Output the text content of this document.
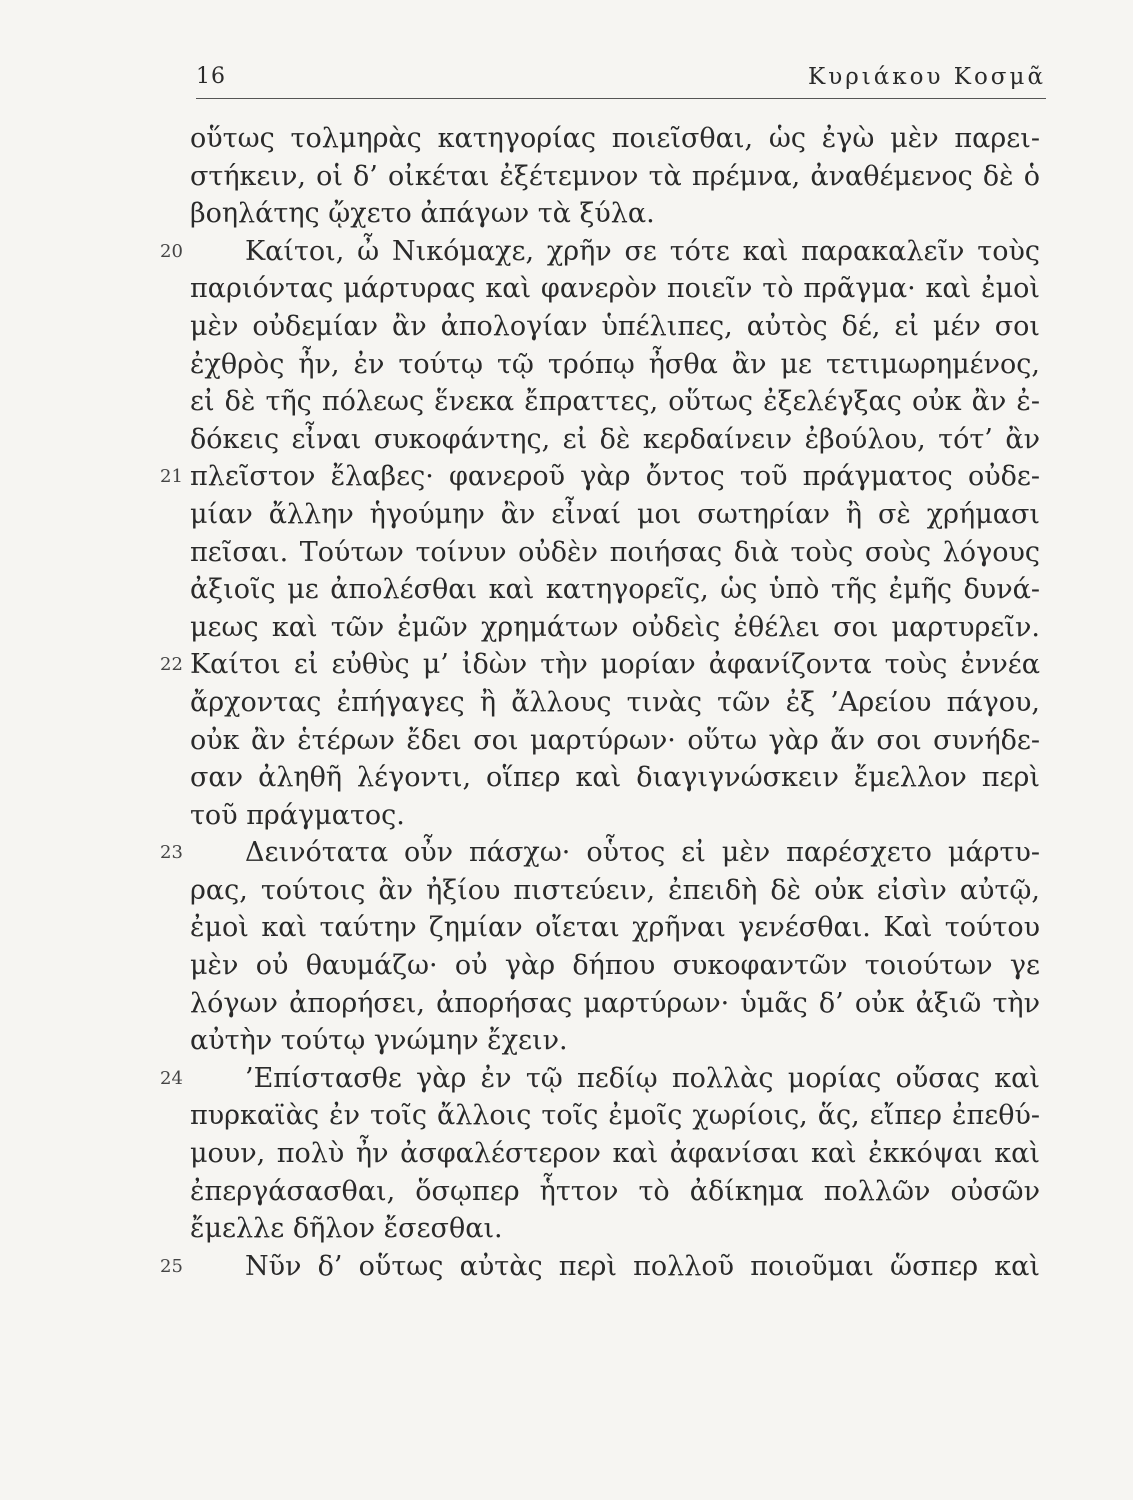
16	Κυριάκου Κοσμᾶ
οὕτως τολμηρὰς κατηγορίας ποιεῖσθαι, ὡς ἐγὼ μὲν παρει-
στήκειν, οἱ δ’ οἰκέται ἐξέτεμνον τὰ πρέμνα, ἀναθέμενος δὲ ὁ
βοηλάτης ᾤχετο ἀπάγων τὰ ξύλα.
20	Καίτοι, ὦ Νικόμαχε, χρῆν σε τότε καὶ παρακαλεῖν τοὺς
παριόντας μάρτυρας καὶ φανερὸν ποιεῖν τὸ πρᾶγμα· καὶ ἐμοὶ
μὲν οὐδεμίαν ἂν ἀπολογίαν ὑπέλιπες, αὐτὸς δέ, εἰ μέν σοι
ἐχθρὸς ἦν, ἐν τούτῳ τῷ τρόπῳ ἦσθα ἂν με τετιμωρημένος,
εἰ δὲ τῆς πόλεως ἕνεκα ἔπραττες, οὕτως ἐξελέγξας οὐκ ἂν ἐ-
δόκεις εἶναι συκοφάντης, εἰ δὲ κερδαίνειν ἐβούλου, τότ’ ἂν
21 πλεῖστον ἔλαβες· φανεροῦ γὰρ ὄντος τοῦ πράγματος οὐδε-
μίαν ἄλλην ἡγούμην ἂν εἶναί μοι σωτηρίαν ἢ σὲ χρήμασι
πεῖσαι. Τούτων τοίνυν οὐδὲν ποιήσας διὰ τοὺς σοὺς λόγους
ἀξιοῖς με ἀπολέσθαι καὶ κατηγορεῖς, ὡς ὑπὸ τῆς ἐμῆς δυνά-
μεως καὶ τῶν ἐμῶν χρημάτων οὐδεὶς ἐθέλει σοι μαρτυρεῖν.
22 Καίτοι εἰ εὐθὺς μ’ ἰδὼν τὴν μορίαν ἀφανίζοντα τοὺς ἐννέα
ἄρχοντας ἐπήγαγες ἢ ἄλλους τινὰς τῶν ἐξ ’Αρείου πάγου,
οὐκ ἂν ἑτέρων ἔδει σοι μαρτύρων· οὕτω γὰρ ἄν σοι συνήδε-
σαν ἀληθῆ λέγοντι, οἵπερ καὶ διαγιγνώσκειν ἔμελλον περὶ
τοῦ πράγματος.
23	Δεινότατα οὖν πάσχω· οὗτος εἰ μὲν παρέσχετο μάρτυ-
ρας, τούτοις ἂν ἠξίου πιστεύειν, ἐπειδὴ δὲ οὐκ εἰσὶν αὐτῷ,
ἐμοὶ καὶ ταύτην ζημίαν οἴεται χρῆναι γενέσθαι. Καὶ τούτου
μὲν οὐ θαυμάζω· οὐ γὰρ δήπου συκοφαντῶν τοιούτων γε
λόγων ἀπορήσει, ἀπορήσας μαρτύρων· ὑμᾶς δ’ οὐκ ἀξιῶ τὴν
αὐτὴν τούτῳ γνώμην ἔχειν.
24	’Επίστασθε γὰρ ἐν τῷ πεδίῳ πολλὰς μορίας οὔσας καὶ
πυρκαϊὰς ἐν τοῖς ἄλλοις τοῖς ἐμοῖς χωρίοις, ἅς, εἴπερ ἐπεθύ-
μουν, πολὺ ἦν ἀσφαλέστερον καὶ ἀφανίσαι καὶ ἐκκόψαι καὶ
ἐπεργάσασθαι, ὅσῳπερ ἧττον τὸ ἀδίκημα πολλῶν οὐσῶν
ἔμελλε δῆλον ἔσεσθαι.
25	Νῦν δ’ οὕτως αὐτὰς περὶ πολλοῦ ποιοῦμαι ὥσπερ καὶ
